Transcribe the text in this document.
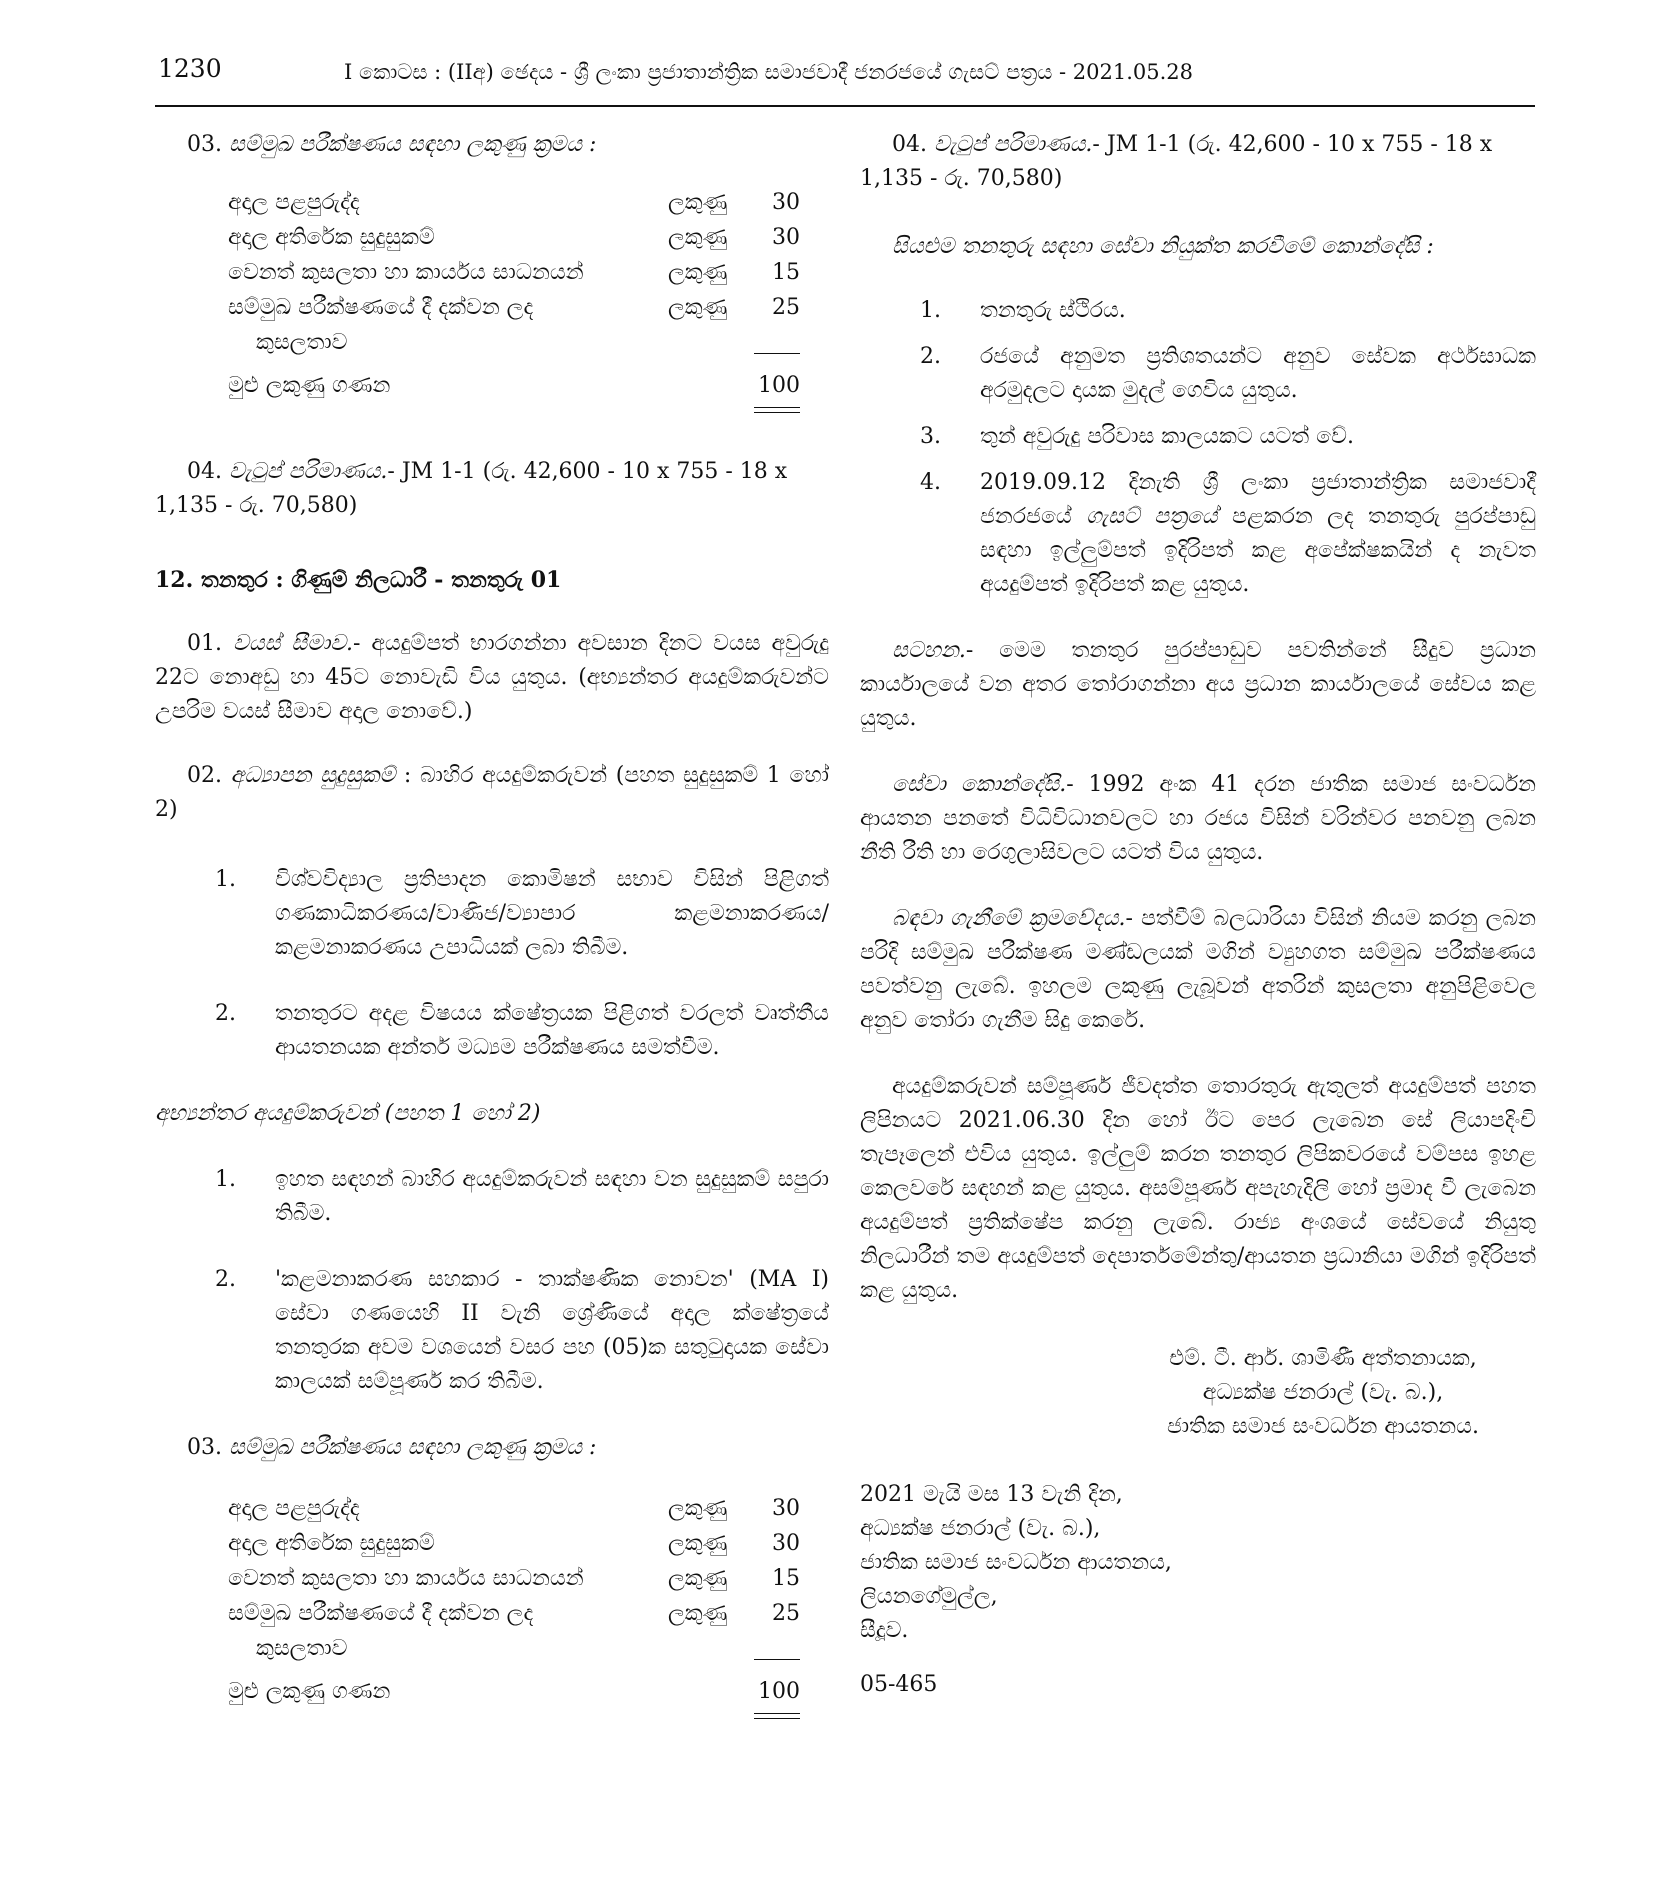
1230	I කොටස : (IIඅ) ඡෙදය - ශ්‍රී ලංකා ප්‍රජාතාන්ත්‍රික සමාජවාදී ජනරජයේ ගැසට් පත්‍රය - 2021.05.28

03. සම්මුඛ පරීක්ෂණය සඳහා ලකුණු ක්‍රමය :

අදාල පළපුරුද්ද	ලකුණු	30
අදාල අතිරේක සුදුසුකම්	ලකුණු	30
වෙනත් කුසලතා හා කාර්යය සාධනයන්	ලකුණු	15
සම්මුඛ පරීක්ෂණයේ දී දක්වන ලද	ලකුණු	25
කුසලතාව
මුළු ලකුණු ගණන	100

04. වැටුප් පරිමාණය.- JM 1-1 (රු. 42,600 - 10 x 755 - 18 x
1,135 - රු. 70,580)

12. තනතුර : ගිණුම් නිලධාරී - තනතුරු 01

01. වයස් සීමාව.- අයදුම්පත් භාරගන්නා අවසාන දිනට වයස අවුරුදු 22ට නොඅඩු හා 45ට නොවැඩි විය යුතුය. (අභ්‍යන්තර අයදුම්කරුවන්ට උපරිම වයස් සීමාව අදාල නොවේ.)

02. අධ්‍යාපන සුදුසුකම් : බාහිර අයදුම්කරුවන් (පහත සුදුසුකම් 1 හෝ 2)

1.	විශ්වවිද්‍යාල ප්‍රතිපාදන කොමිෂන් සභාව විසින් පිළිගත් ගණකාධිකරණය/වාණිජ/ව්‍යාපාර කළමනාකරණය/ කළමනාකරණය උපාධියක් ලබා තිබීම.
2.	තනතුරට අදළ විෂයය ක්ෂේත්‍රයක පිළිගත් වරලත් වෘත්තීය ආයතනයක අන්තර් මධ්‍යම පරීක්ෂණය සමත්වීම.

අභ්‍යන්තර අයදුම්කරුවන් (පහත 1 හෝ 2)

1.	ඉහත සඳහන් බාහිර අයදුම්කරුවන් සඳහා වන සුදුසුකම් සපුරා තිබීම.
2.	'කළමනාකරණ සහකාර - තාක්ෂණික නොවන' (MA I) සේවා ගණයෙහි II වැනි ශ්‍රේණියේ අදාල ක්ෂේත්‍රයේ තනතුරක අවම වශයෙන් වසර පහ (05)ක සතුටුදායක සේවා කාලයක් සම්පූර්ණ කර තිබීම.

03. සම්මුඛ පරීක්ෂණය සඳහා ලකුණු ක්‍රමය :

අදාල පළපුරුද්ද	ලකුණු	30
අදාල අතිරේක සුදුසුකම්	ලකුණු	30
වෙනත් කුසලතා හා කාර්යය සාධනයන්	ලකුණු	15
සම්මුඛ පරීක්ෂණයේ දී දක්වන ලද	ලකුණු	25
කුසලතාව
මුළු ලකුණු ගණන	100

04. වැටුප් පරිමාණය.- JM 1-1 (රු. 42,600 - 10 x 755 - 18 x
1,135 - රු. 70,580)

සියළුම තනතුරු සඳහා සේවා නියුක්ත කරවීමේ කොන්දේසි :

1.	තනතුරු ස්ථිරය.
2.	රජයේ අනුමත ප්‍රතිශතයන්ට අනුව සේවක අර්ථසාධක අරමුදලට දායක මුදල් ගෙවිය යුතුය.
3.	තුන් අවුරුදු පරිවාස කාලයකට යටත් වේ.
4.	2019.09.12 දිනැති ශ්‍රී ලංකා ප්‍රජාතාන්ත්‍රික සමාජවාදී ජනරජයේ ගැසට් පත්‍රයේ පළකරන ලද තනතුරු පුරප්පාඩු සඳහා ඉල්ලුම්පත් ඉදිරිපත් කළ අපේක්ෂකයින් ද නැවත අයදුම්පත් ඉදිරිපත් කළ යුතුය.

සටහන.- මෙම තනතුර පුරප්පාඩුව පවතින්නේ සීදුව ප්‍රධාන කාර්යාලයේ වන අතර තෝරාගන්නා අය ප්‍රධාන කාර්යාලයේ සේවය කළ යුතුය.

සේවා කොන්දේසි.- 1992 අංක 41 දරන ජාතික සමාජ සංවර්ධන ආයතන පනතේ විධිවිධානවලට හා රජය විසින් වරින්වර පනවනු ලබන නීති රීති හා රෙගුලාසිවලට යටත් විය යුතුය.

බඳවා ගැනීමේ ක්‍රමවේදය.- පත්වීම් බලධාරියා විසින් නියම කරනු ලබන පරිදි සම්මුඛ පරීක්ෂණ මණ්ඩලයක් මගින් ව්‍යුහගත සම්මුඛ පරීක්ෂණය පවත්වනු ලැබේ. ඉහලම ලකුණු ලැබූවන් අතරින් කුසලතා අනුපිළිවෙල අනුව තෝරා ගැනීම සිදු කෙරේ.

අයදුම්කරුවන් සම්පූර්ණ ජීවදත්ත තොරතුරු ඇතුලත් අයදුම්පත් පහත ලිපිනයට 2021.06.30 දින හෝ ඊට පෙර ලැබෙන සේ ලියාපදිංචි තැපෑලෙන් එවිය යුතුය. ඉල්ලුම් කරන තනතුර ලිපිකවරයේ වම්පස ඉහළ කෙලවරේ සඳහන් කළ යුතුය. අසම්පූර්ණ අපැහැදිලි හෝ ප්‍රමාද වී ලැබෙන අයදුම්පත් ප්‍රතික්ෂේප කරනු ලැබේ. රාජ්‍ය අංශයේ සේවයේ නියුතු නිලධාරීන් තම අයදුම්පත් දෙපාර්තමේන්තු/ආයතන ප්‍රධානියා මගින් ඉදිරිපත් කළ යුතුය.

එම්. ටී. ආර්. ශාමිණී අත්තනායක,
අධ්‍යක්ෂ ජනරාල් (වැ. බ.),
ජාතික සමාජ සංවර්ධන ආයතනය.
2021 මැයි මස 13 වැනි දින,
අධ්‍යක්ෂ ජනරාල් (වැ. බ.),
ජාතික සමාජ සංවර්ධන ආයතනය,
ලියනගේමුල්ල,
සීදූව.

05-465
